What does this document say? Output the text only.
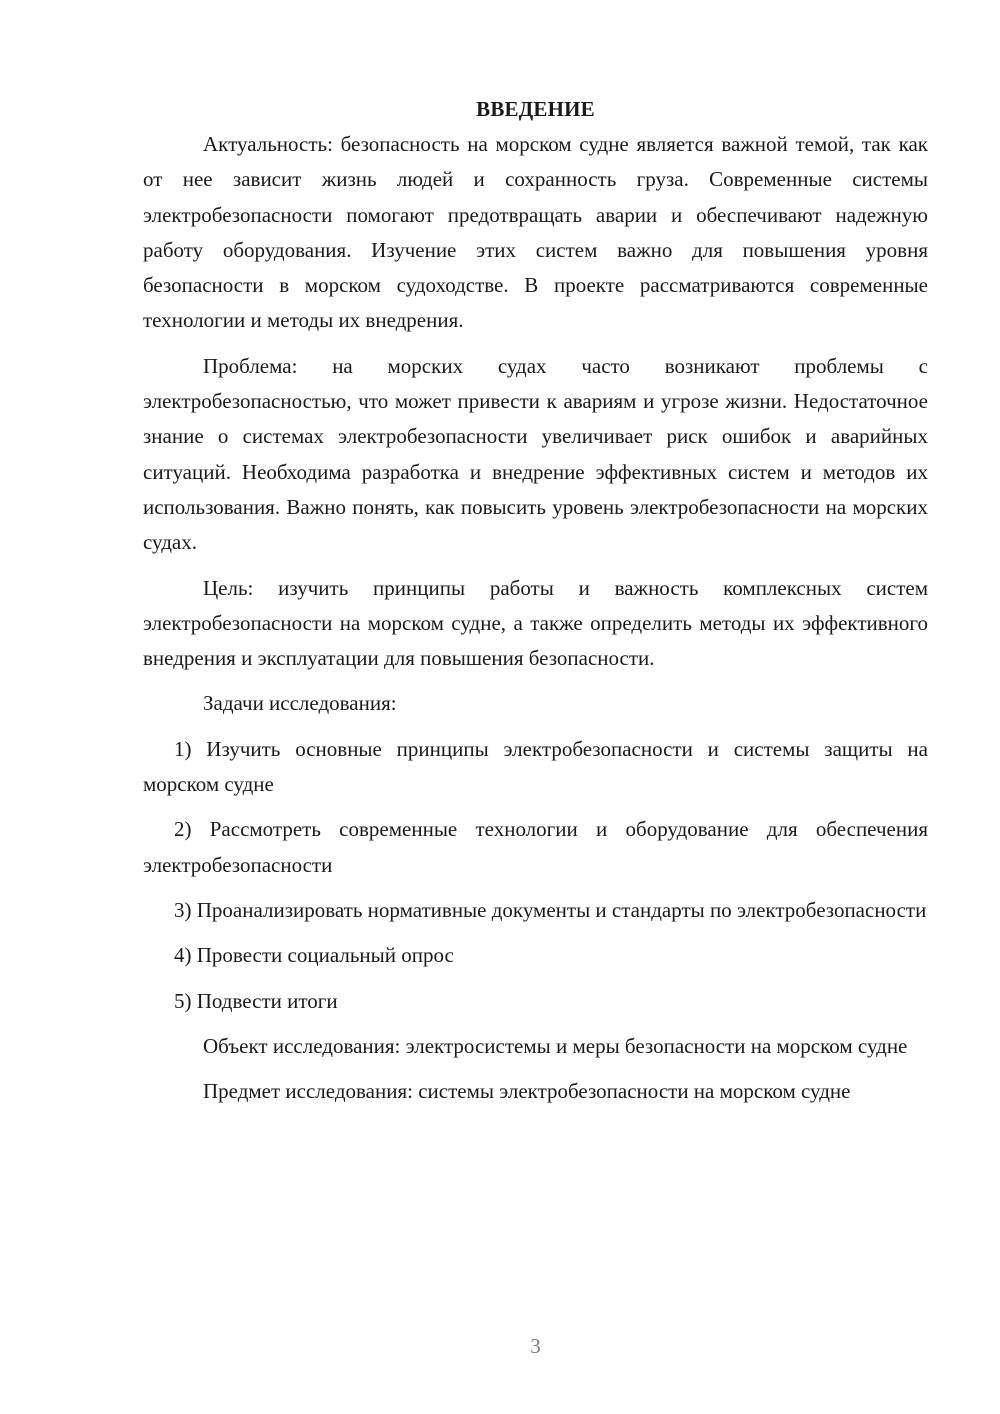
ВВЕДЕНИЕ

Актуальность: безопасность на морском судне является важной темой, так как от нее зависит жизнь людей и сохранность груза. Современные системы электробезопасности помогают предотвращать аварии и обеспечивают надежную работу оборудования. Изучение этих систем важно для повышения уровня безопасности в морском судоходстве. В проекте рассматриваются современные технологии и методы их внедрения.

Проблема: на морских судах часто возникают проблемы с электробезопасностью, что может привести к авариям и угрозе жизни. Недостаточное знание о системах электробезопасности увеличивает риск ошибок и аварийных ситуаций. Необходима разработка и внедрение эффективных систем и методов их использования. Важно понять, как повысить уровень электробезопасности на морских судах.

Цель: изучить принципы работы и важность комплексных систем электробезопасности на морском судне, а также определить методы их эффективного внедрения и эксплуатации для повышения безопасности.

Задачи исследования:

1) Изучить основные принципы электробезопасности и системы защиты на морском судне

2) Рассмотреть современные технологии и оборудование для обеспечения электробезопасности

3) Проанализировать нормативные документы и стандарты по электробезопасности

4) Провести социальный опрос

5) Подвести итоги

Объект исследования: электросистемы и меры безопасности на морском судне

Предмет исследования: системы электробезопасности на морском судне

3
